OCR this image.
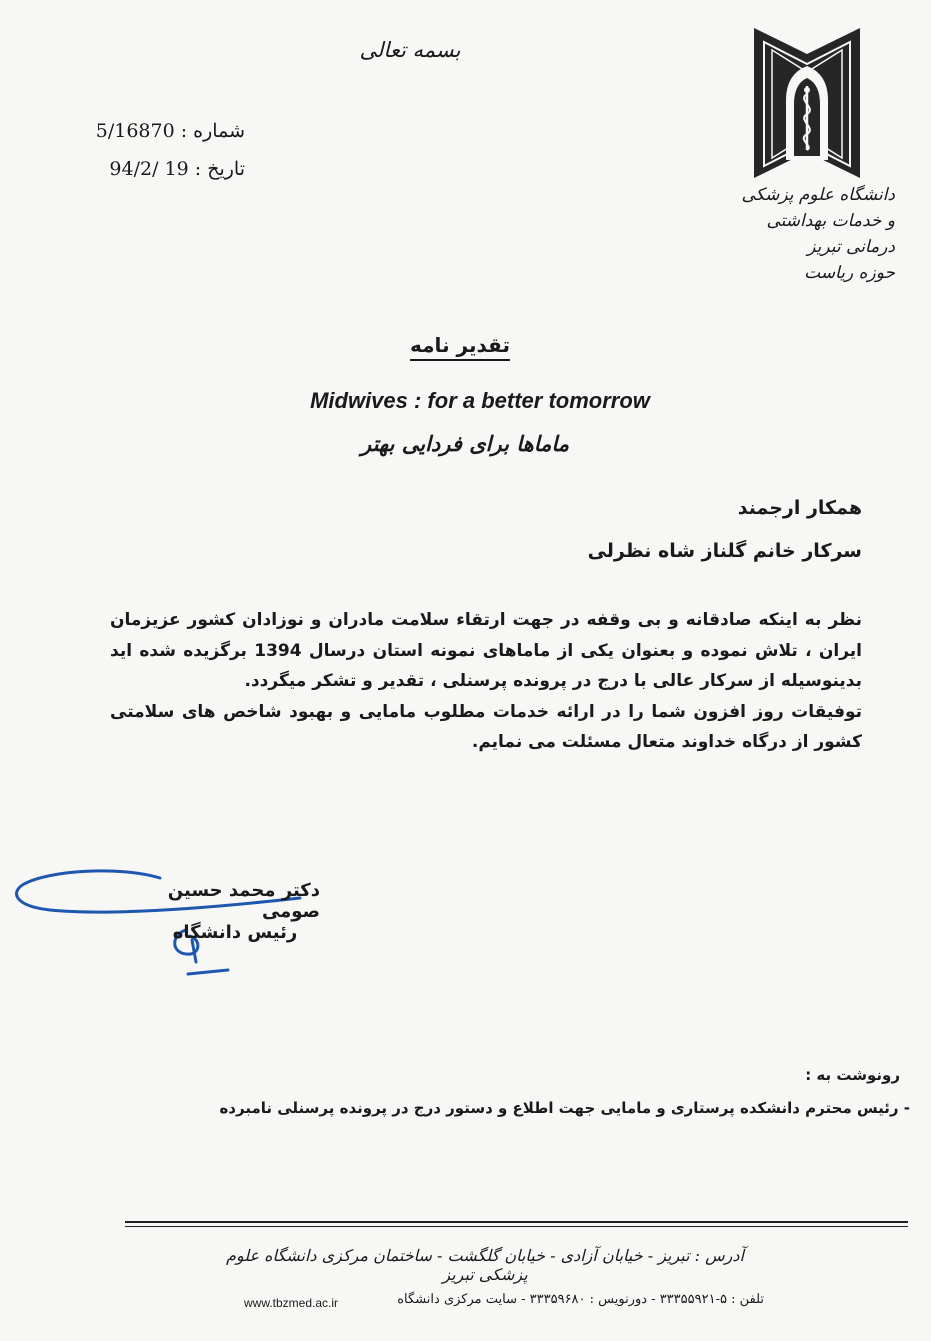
بسمه تعالی
شماره : 5/16870
تاریخ : 94/2/ 19
دانشگاه علوم پزشکی
و خدمات بهداشتی درمانی تبریز
حوزه ریاست
تقدیر نامه
Midwives : for a better tomorrow
ماماها برای فردایی بهتر
همکار ارجمند
سرکار خانم گلناز شاه نظرلی

نظر به اینکه صادقانه و بی وقفه در جهت ارتقاء سلامت مادران و نوزادان کشور عزیزمان ایران ، تلاش نموده و بعنوان یکی از ماماهای نمونه استان درسال 1394 برگزیده شده اید بدینوسیله از سرکار عالی با درج در پرونده پرسنلی ، تقدیر و تشکر میگردد.

توفیقات روز افزون شما را در ارائه خدمات مطلوب مامایی و بهبود شاخص های سلامتی کشور از درگاه خداوند متعال مسئلت می نمایم.

دکتر محمد حسین صومی
رئیس دانشگاه
رونوشت به :
- رئیس محترم دانشکده پرستاری و مامایی جهت اطلاع و دستور درج در پرونده پرسنلی نامبرده
آدرس : تبریز - خیابان آزادی - خیابان گلگشت - ساختمان مرکزی دانشگاه علوم پزشکی تبریز
تلفن : ۵-۳۳۳۵۵۹۲۱ - دورنویس : ۳۳۳۵۹۶۸۰ - سایت مرکزی دانشگاه
www.tbzmed.ac.ir
